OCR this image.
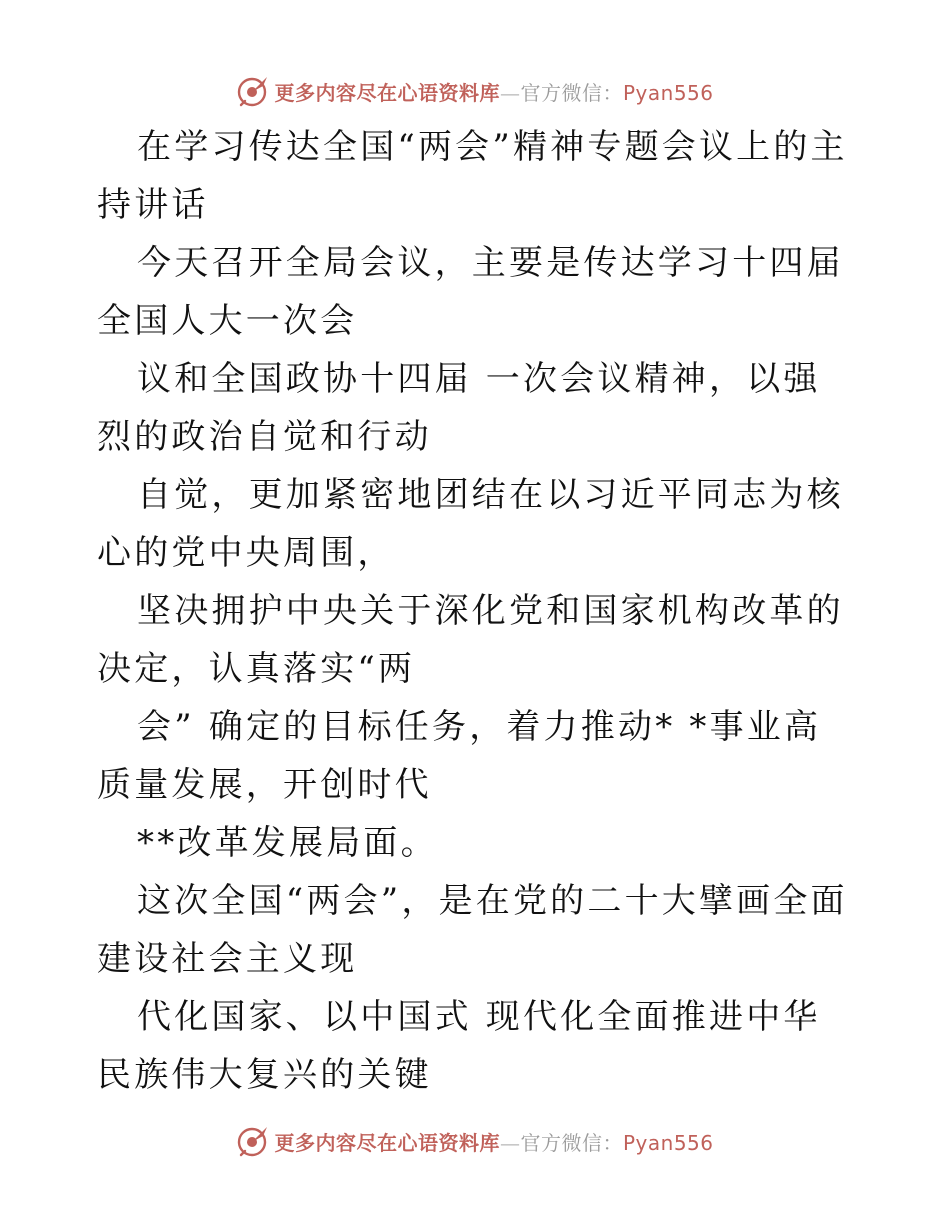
更多内容尽在心语资料库—官方微信：Pyan556

在学习传达全国“两会”精神专题会议上的主持讲话

今天召开全局会议，主要是传达学习十四届全国人大一次会

议和全国政协十四届 一次会议精神，以强烈的政治自觉和行动

自觉，更加紧密地团结在以习近平同志为核 心的党中央周围，

坚决拥护中央关于深化党和国家机构改革的决定，认真落实“两

会” 确定的目标任务，着力推动* *事业高质量发展，开创时代

**改革发展局面。

这次全国“两会”，是在党的二十大擘画全面建设社会主义现

代化国家、以中国式 现代化全面推进中华民族伟大复兴的关键

更多内容尽在心语资料库—官方微信：Pyan556
